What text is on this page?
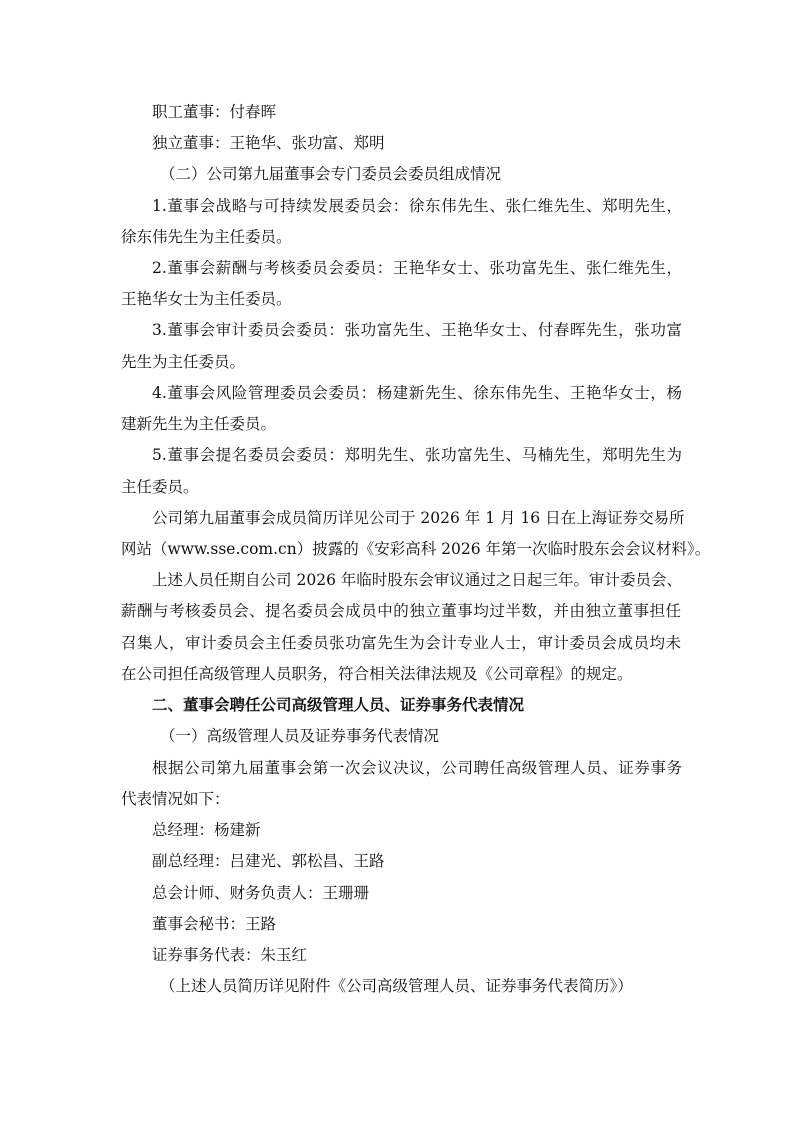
职工董事：付春晖
独立董事：王艳华、张功富、郑明
（二）公司第九届董事会专门委员会委员组成情况
1.董事会战略与可持续发展委员会：徐东伟先生、张仁维先生、郑明先生，
徐东伟先生为主任委员。
2.董事会薪酬与考核委员会委员：王艳华女士、张功富先生、张仁维先生，
王艳华女士为主任委员。
3.董事会审计委员会委员：张功富先生、王艳华女士、付春晖先生，张功富
先生为主任委员。
4.董事会风险管理委员会委员：杨建新先生、徐东伟先生、王艳华女士，杨
建新先生为主任委员。
5.董事会提名委员会委员：郑明先生、张功富先生、马楠先生，郑明先生为
主任委员。
公司第九届董事会成员简历详见公司于 2026 年 1 月 16 日在上海证券交易所
网站（www.sse.com.cn）披露的《安彩高科 2026 年第一次临时股东会会议材料》。
上述人员任期自公司 2026 年临时股东会审议通过之日起三年。审计委员会、
薪酬与考核委员会、提名委员会成员中的独立董事均过半数，并由独立董事担任
召集人，审计委员会主任委员张功富先生为会计专业人士，审计委员会成员均未
在公司担任高级管理人员职务，符合相关法律法规及《公司章程》的规定。
二、董事会聘任公司高级管理人员、证券事务代表情况
（一）高级管理人员及证券事务代表情况
根据公司第九届董事会第一次会议决议，公司聘任高级管理人员、证券事务
代表情况如下：
总经理：杨建新
副总经理：吕建光、郭松昌、王路
总会计师、财务负责人：王珊珊
董事会秘书：王路
证券事务代表：朱玉红
（上述人员简历详见附件《公司高级管理人员、证券事务代表简历》）
